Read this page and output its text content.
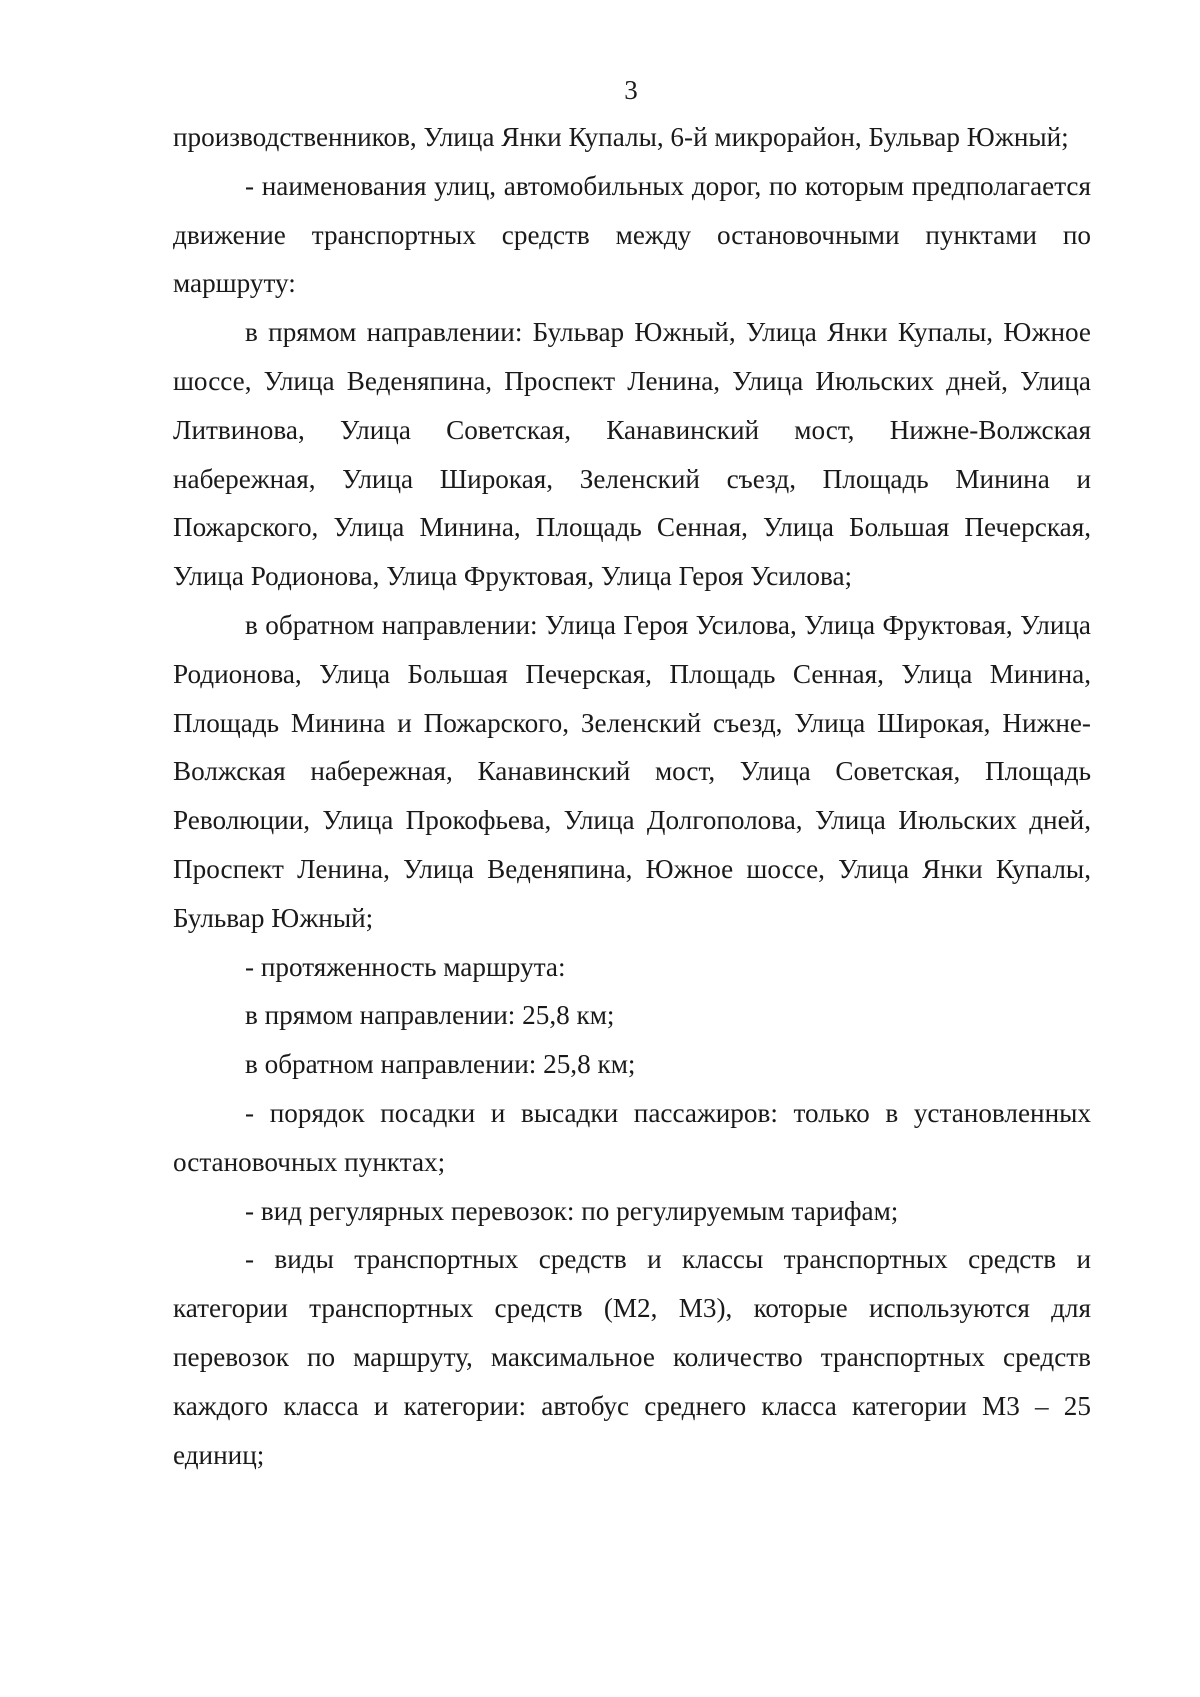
3

производственников, Улица Янки Купалы, 6-й микрорайон, Бульвар Южный;

- наименования улиц, автомобильных дорог, по которым предполагается движение транспортных средств между остановочными пунктами по маршруту:

в прямом направлении: Бульвар Южный, Улица Янки Купалы, Южное шоссе, Улица Веденяпина, Проспект Ленина, Улица Июльских дней, Улица Литвинова, Улица Советская, Канавинский мост, Нижне-Волжская набережная, Улица Широкая, Зеленский съезд, Площадь Минина и Пожарского, Улица Минина, Площадь Сенная, Улица Большая Печерская, Улица Родионова, Улица Фруктовая, Улица Героя Усилова;

в обратном направлении: Улица Героя Усилова, Улица Фруктовая, Улица Родионова, Улица Большая Печерская, Площадь Сенная, Улица Минина, Площадь Минина и Пожарского, Зеленский съезд, Улица Широкая, Нижне-Волжская набережная, Канавинский мост, Улица Советская, Площадь Революции, Улица Прокофьева, Улица Долгополова, Улица Июльских дней, Проспект Ленина, Улица Веденяпина, Южное шоссе, Улица Янки Купалы, Бульвар Южный;

- протяженность маршрута:

в прямом направлении: 25,8 км;

в обратном направлении: 25,8 км;

- порядок посадки и высадки пассажиров: только в установленных остановочных пунктах;

- вид регулярных перевозок: по регулируемым тарифам;

- виды транспортных средств и классы транспортных средств и категории транспортных средств (М2, М3), которые используются для перевозок по маршруту, максимальное количество транспортных средств каждого класса и категории: автобус среднего класса категории М3 – 25 единиц;
